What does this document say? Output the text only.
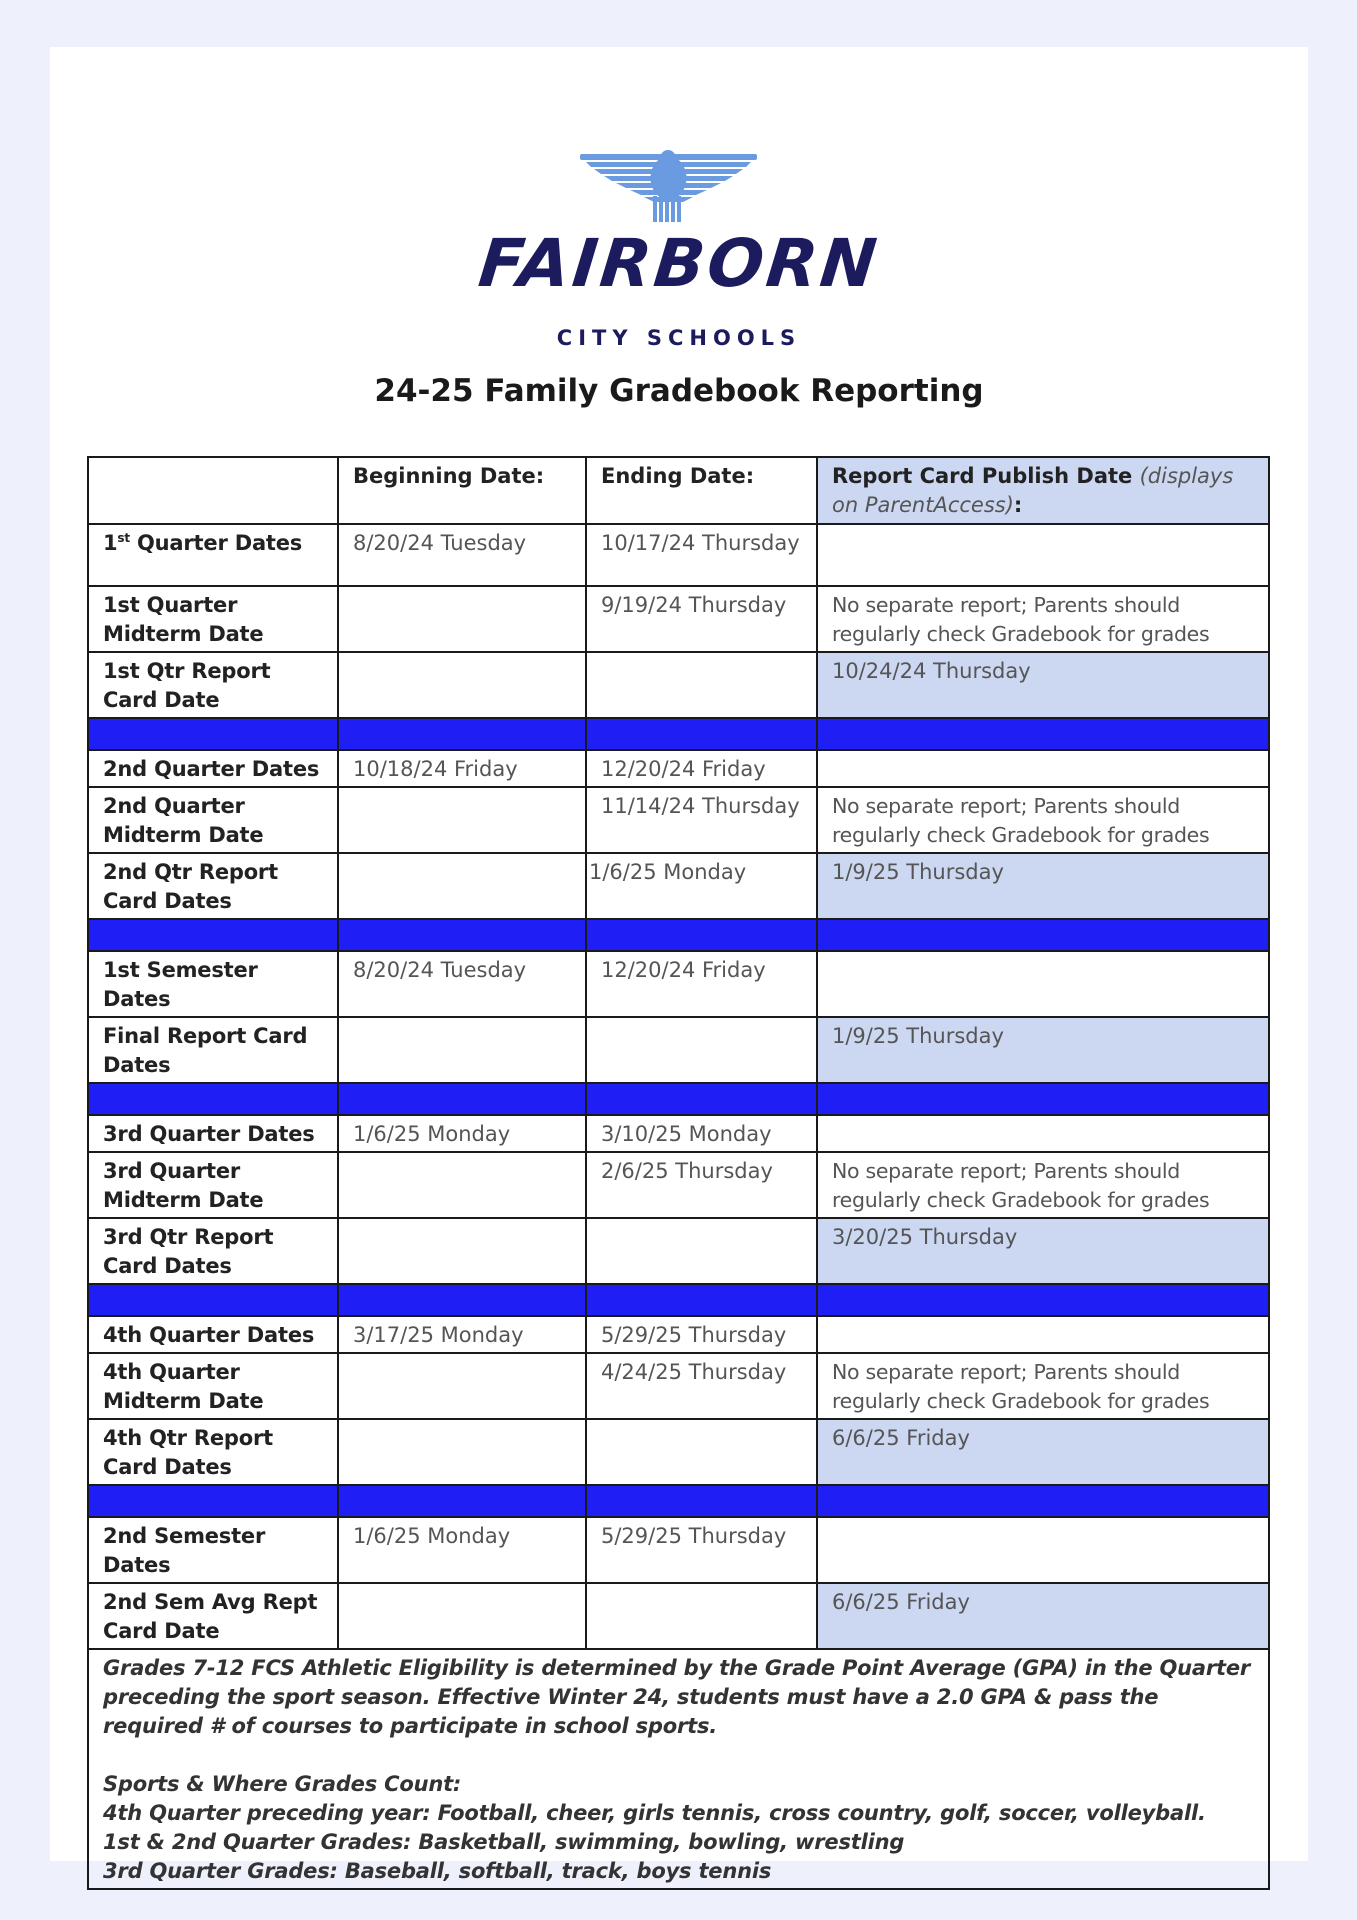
FAIRBORN
CITY SCHOOLS
24-25 Family Gradebook Reporting
	Beginning Date:	Ending Date:	Report Card Publish Date (displays on ParentAccess):
1st Quarter Dates	8/20/24 Tuesday	10/17/24 Thursday	
1st Quarter Midterm Date		9/19/24 Thursday	No separate report; Parents should regularly check Gradebook for grades
1st Qtr Report Card Date			10/24/24 Thursday

2nd Quarter Dates	10/18/24 Friday	12/20/24 Friday	
2nd Quarter Midterm Date		11/14/24 Thursday	No separate report; Parents should regularly check Gradebook for grades
2nd Qtr Report Card Dates		1/6/25 Monday	1/9/25 Thursday

1st Semester Dates	8/20/24 Tuesday	12/20/24 Friday	
Final Report Card Dates			1/9/25 Thursday

3rd Quarter Dates	1/6/25 Monday	3/10/25 Monday	
3rd Quarter Midterm Date		2/6/25 Thursday	No separate report; Parents should regularly check Gradebook for grades
3rd Qtr Report Card Dates			3/20/25 Thursday

4th Quarter Dates	3/17/25 Monday	5/29/25 Thursday	
4th Quarter Midterm Date		4/24/25 Thursday	No separate report; Parents should regularly check Gradebook for grades
4th Qtr Report Card Dates			6/6/25 Friday

2nd Semester Dates	1/6/25 Monday	5/29/25 Thursday	
2nd Sem Avg Rept Card Date			6/6/25 Friday

Grades 7-12 FCS Athletic Eligibility is determined by the Grade Point Average (GPA) in the Quarter preceding the sport season. Effective Winter 24, students must have a 2.0 GPA & pass the required # of courses to participate in school sports.

Sports & Where Grades Count:

4th Quarter preceding year: Football, cheer, girls tennis, cross country, golf, soccer, volleyball.

1st & 2nd Quarter Grades: Basketball, swimming, bowling, wrestling

3rd Quarter Grades: Baseball, softball, track, boys tennis			
